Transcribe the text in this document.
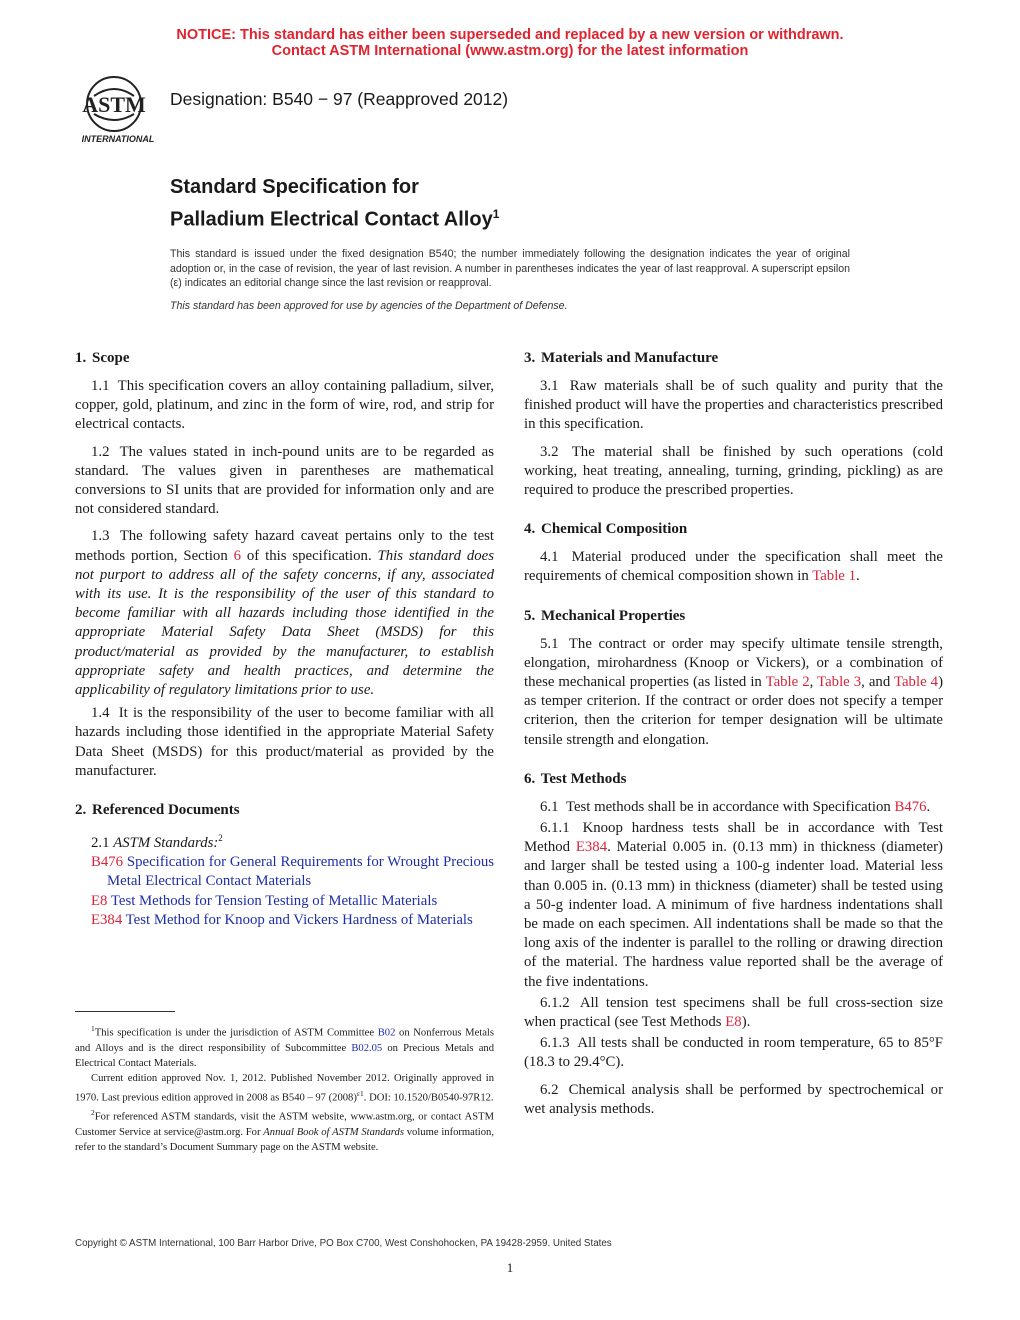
NOTICE: This standard has either been superseded and replaced by a new version or withdrawn.
Contact ASTM International (www.astm.org) for the latest information
ASTM
INTERNATIONAL
Designation: B540 − 97 (Reapproved 2012)
Standard Specification for
Palladium Electrical Contact Alloy$^1$

This standard is issued under the fixed designation B540; the number immediately following the designation indicates the year of original adoption or, in the case of revision, the year of last revision. A number in parentheses indicates the year of last reapproval. A superscript epsilon (ε) indicates an editorial change since the last revision or reapproval.

This standard has been approved for use by agencies of the Department of Defense.

1. Scope

1.1 This specification covers an alloy containing palladium, silver, copper, gold, platinum, and zinc in the form of wire, rod, and strip for electrical contacts.

1.2 The values stated in inch-pound units are to be regarded as standard. The values given in parentheses are mathematical conversions to SI units that are provided for information only and are not considered standard.

1.3 The following safety hazard caveat pertains only to the test methods portion, Section 6 of this specification. This standard does not purport to address all of the safety concerns, if any, associated with its use. It is the responsibility of the user of this standard to become familiar with all hazards including those identified in the appropriate Material Safety Data Sheet (MSDS) for this product/material as provided by the manufacturer, to establish appropriate safety and health practices, and determine the applicability of regulatory limitations prior to use.

1.4 It is the responsibility of the user to become familiar with all hazards including those identified in the appropriate Material Safety Data Sheet (MSDS) for this product/material as provided by the manufacturer.

2. Referenced Documents

2.1 ASTM Standards:$^2$

B476 Specification for General Requirements for Wrought Precious Metal Electrical Contact Materials

E8 Test Methods for Tension Testing of Metallic Materials

E384 Test Method for Knoop and Vickers Hardness of Materials

3. Materials and Manufacture

3.1 Raw materials shall be of such quality and purity that the finished product will have the properties and characteristics prescribed in this specification.

3.2 The material shall be finished by such operations (cold working, heat treating, annealing, turning, grinding, pickling) as are required to produce the prescribed properties.

4. Chemical Composition

4.1 Material produced under the specification shall meet the requirements of chemical composition shown in Table 1.

5. Mechanical Properties

5.1 The contract or order may specify ultimate tensile strength, elongation, mirohardness (Knoop or Vickers), or a combination of these mechanical properties (as listed in Table 2, Table 3, and Table 4) as temper criterion. If the contract or order does not specify a temper criterion, then the criterion for temper designation will be ultimate tensile strength and elongation.

6. Test Methods

6.1 Test methods shall be in accordance with Specification B476.

6.1.1 Knoop hardness tests shall be in accordance with Test Method E384. Material 0.005 in. (0.13 mm) in thickness (diameter) and larger shall be tested using a 100-g indenter load. Material less than 0.005 in. (0.13 mm) in thickness (diameter) shall be tested using a 50-g indenter load. A minimum of five hardness indentations shall be made on each specimen. All indentations shall be made so that the long axis of the indenter is parallel to the rolling or drawing direction of the material. The hardness value reported shall be the average of the five indentations.

6.1.2 All tension test specimens shall be full cross-section size when practical (see Test Methods E8).

6.1.3 All tests shall be conducted in room temperature, 65 to 85°F (18.3 to 29.4°C).

6.2 Chemical analysis shall be performed by spectrochemical or wet analysis methods.

$^1$This specification is under the jurisdiction of ASTM Committee B02 on Nonferrous Metals and Alloys and is the direct responsibility of Subcommittee B02.05 on Precious Metals and Electrical Contact Materials.

Current edition approved Nov. 1, 2012. Published November 2012. Originally approved in 1970. Last previous edition approved in 2008 as B540 – 97 $(2008)^{\varepsilon 1}$. DOI: 10.1520/B0540-97R12.

$^2$For referenced ASTM standards, visit the ASTM website, www.astm.org, or contact ASTM Customer Service at service@astm.org. For Annual Book of ASTM Standards volume information, refer to the standard’s Document Summary page on the ASTM website.

Copyright © ASTM International, 100 Barr Harbor Drive, PO Box C700, West Conshohocken, PA 19428-2959. United States
1
